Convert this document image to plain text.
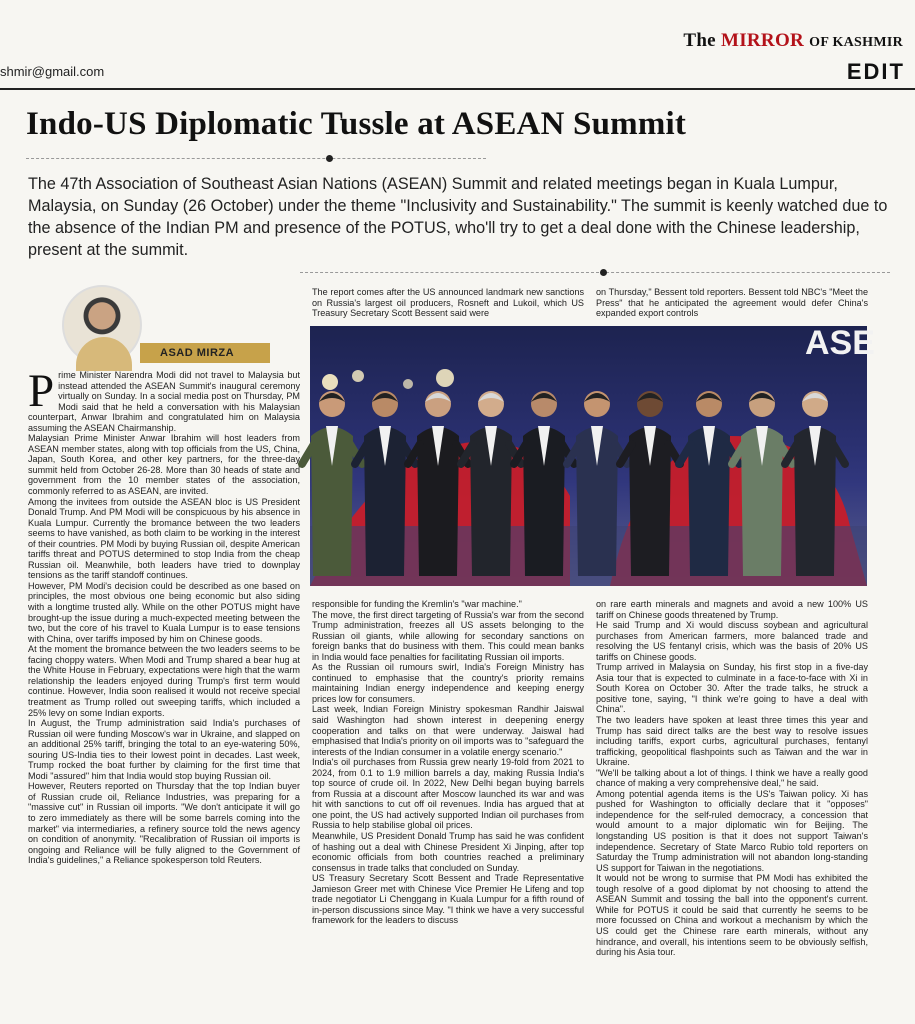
The MIRROR OF KASHMIR
shmir@gmail.com	EDIT
Indo-US Diplomatic Tussle at ASEAN Summit

The 47th Association of Southeast Asian Nations (ASEAN) Summit and related meetings began in Kuala Lumpur, Malaysia, on Sunday (26 October) under the theme "Inclusivity and Sustainability." The summit is keenly watched due to the absence of the Indian PM and presence of the POTUS, who'll try to get a deal done with the Chinese leadership, present at the summit.

ASAD MIRZA
P rime Minister Narendra Modi did not travel to Malaysia but instead attended the ASEAN Summit's inaugural ceremony virtually on Sunday. In a social media post on Thursday, PM Modi said that he held a conversation with his Malaysian counterpart, Anwar Ibrahim and congratulated him on Malaysia assuming the ASEAN Chairmanship.

Malaysian Prime Minister Anwar Ibrahim will host leaders from ASEAN member states, along with top officials from the US, China, Japan, South Korea, and other key partners, for the three-day summit held from October 26-28. More than 30 heads of state and government from the 10 member states of the association, commonly referred to as ASEAN, are invited.

Among the invitees from outside the ASEAN bloc is US President Donald Trump. And PM Modi will be conspicuous by his absence in Kuala Lumpur. Currently the bromance between the two leaders seems to have vanished, as both claim to be working in the interest of their countries. PM Modi by buying Russian oil, despite American tariffs threat and POTUS determined to stop India from the cheap Russian oil. Meanwhile, both leaders have tried to downplay tensions as the tariff standoff continues.

However, PM Modi's decision could be described as one based on principles, the most obvious one being economic but also siding with a longtime trusted ally. While on the other POTUS might have brought-up the issue during a much-expected meeting between the two, but the core of his travel to Kuala Lumpur is to ease tensions with China, over tariffs imposed by him on Chinese goods.

At the moment the bromance between the two leaders seems to be facing choppy waters. When Modi and Trump shared a bear hug at the White House in February, expectations were high that the warm relationship the leaders enjoyed during Trump's first term would continue. However, India soon realised it would not receive special treatment as Trump rolled out sweeping tariffs, which included a 25% levy on some Indian exports.

In August, the Trump administration said India's purchases of Russian oil were funding Moscow's war in Ukraine, and slapped on an additional 25% tariff, bringing the total to an eye-watering 50%, souring US-India ties to their lowest point in decades. Last week, Trump rocked the boat further by claiming for the first time that Modi "assured" him that India would stop buying Russian oil.

However, Reuters reported on Thursday that the top Indian buyer of Russian crude oil, Reliance Industries, was preparing for a "massive cut" in Russian oil imports. "We don't anticipate it will go to zero immediately as there will be some barrels coming into the market" via intermediaries, a refinery source told the news agency on condition of anonymity. "Recalibration of Russian oil imports is ongoing and Reliance will be fully aligned to the Government of India's guidelines," a Reliance spokesperson told Reuters.

The report comes after the US announced landmark new sanctions on Russia's largest oil producers, Rosneft and Lukoil, which US Treasury Secretary Scott Bessent said were

on Thursday," Bessent told reporters. Bessent told NBC's "Meet the Press" that he anticipated the agreement would defer China's expanded export controls

ASE

responsible for funding the Kremlin's "war machine."

The move, the first direct targeting of Russia's war from the second Trump administration, freezes all US assets belonging to the Russian oil giants, while allowing for secondary sanctions on foreign banks that do business with them. This could mean banks in India would face penalties for facilitating Russian oil imports.

As the Russian oil rumours swirl, India's Foreign Ministry has continued to emphasise that the country's priority remains maintaining Indian energy independence and keeping energy prices low for consumers.

Last week, Indian Foreign Ministry spokesman Randhir Jaiswal said Washington had shown interest in deepening energy cooperation and talks on that were underway. Jaiswal had emphasised that India's priority on oil imports was to "safeguard the interests of the Indian consumer in a volatile energy scenario."

India's oil purchases from Russia grew nearly 19-fold from 2021 to 2024, from 0.1 to 1.9 million barrels a day, making Russia India's top source of crude oil. In 2022, New Delhi began buying barrels from Russia at a discount after Moscow launched its war and was hit with sanctions to cut off oil revenues. India has argued that at one point, the US had actively supported Indian oil purchases from Russia to help stabilise global oil prices.

Meanwhile, US President Donald Trump has said he was confident of hashing out a deal with Chinese President Xi Jinping, after top economic officials from both countries reached a preliminary consensus in trade talks that concluded on Sunday.

US Treasury Secretary Scott Bessent and Trade Representative Jamieson Greer met with Chinese Vice Premier He Lifeng and top trade negotiator Li Chenggang in Kuala Lumpur for a fifth round of in-person discussions since May. "I think we have a very successful framework for the leaders to discuss

on rare earth minerals and magnets and avoid a new 100% US tariff on Chinese goods threatened by Trump.

He said Trump and Xi would discuss soybean and agricultural purchases from American farmers, more balanced trade and resolving the US fentanyl crisis, which was the basis of 20% US tariffs on Chinese goods.

Trump arrived in Malaysia on Sunday, his first stop in a five-day Asia tour that is expected to culminate in a face-to-face with Xi in South Korea on October 30. After the trade talks, he struck a positive tone, saying, "I think we're going to have a deal with China".

The two leaders have spoken at least three times this year and Trump has said direct talks are the best way to resolve issues including tariffs, export curbs, agricultural purchases, fentanyl trafficking, geopolitical flashpoints such as Taiwan and the war in Ukraine.

"We'll be talking about a lot of things. I think we have a really good chance of making a very comprehensive deal," he said.

Among potential agenda items is the US's Taiwan policy. Xi has pushed for Washington to officially declare that it "opposes" independence for the self-ruled democracy, a concession that would amount to a major diplomatic win for Beijing. The longstanding US position is that it does not support Taiwan's independence. Secretary of State Marco Rubio told reporters on Saturday the Trump administration will not abandon long-standing US support for Taiwan in the negotiations.

It would not be wrong to surmise that PM Modi has exhibited the tough resolve of a good diplomat by not choosing to attend the ASEAN Summit and tossing the ball into the opponent's current. While for POTUS it could be said that currently he seems to be more focussed on China and workout a mechanism by which the US could get the Chinese rare earth minerals, without any hindrance, and overall, his intentions seem to be obviously selfish, during his Asia tour.
